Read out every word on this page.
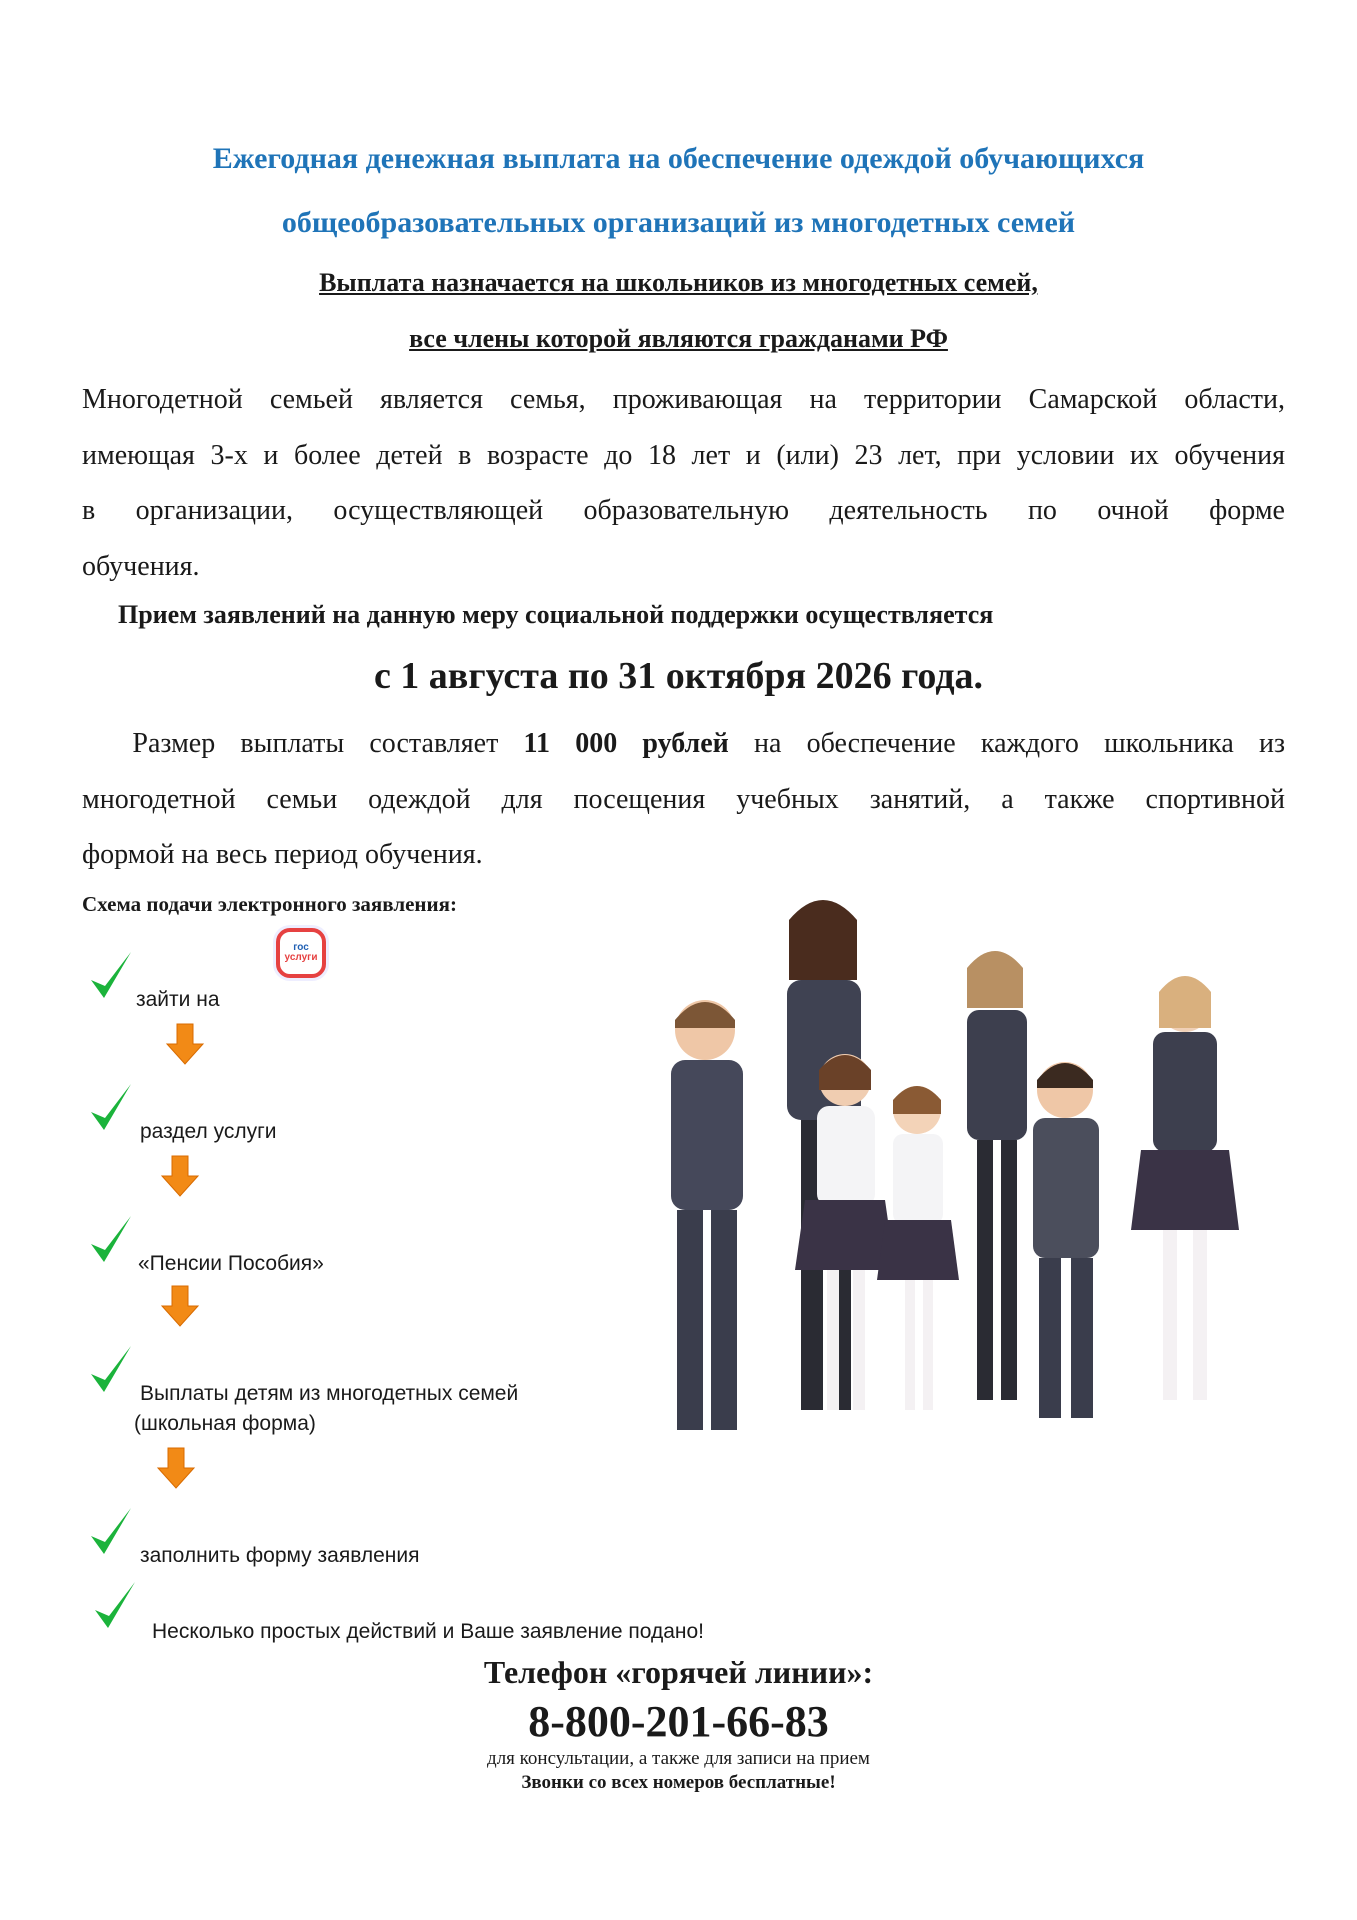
Ежегодная денежная выплата на обеспечение одеждой обучающихся
общеобразовательных организаций из многодетных семей
Выплата назначается на школьников из многодетных семей,
все члены которой являются гражданами РФ
Многодетной семьей является семья, проживающая на территории Самарской области,
имеющая 3-х и более детей в возрасте до 18 лет и (или) 23 лет, при условии их обучения
в организации, осуществляющей образовательную деятельность по очной форме
обучения.
Прием заявлений на данную меру социальной поддержки осуществляется
с 1 августа по 31 октября 2026 года.
Размер выплаты составляет 11 000 рублей на обеспечение каждого школьника из
многодетной семьи одеждой для посещения учебных занятий, а также спортивной
формой на весь период обучения.
Схема подачи электронного заявления:
гос
услуги
зайти на
раздел услуги
«Пенсии Пособия»
Выплаты детям из многодетных семей
(школьная форма)
заполнить форму заявления
Несколько простых действий и Ваше заявление подано!
Телефон «горячей линии»:
8-800-201-66-83
для консультации, а также для записи на прием
Звонки со всех номеров бесплатные!
